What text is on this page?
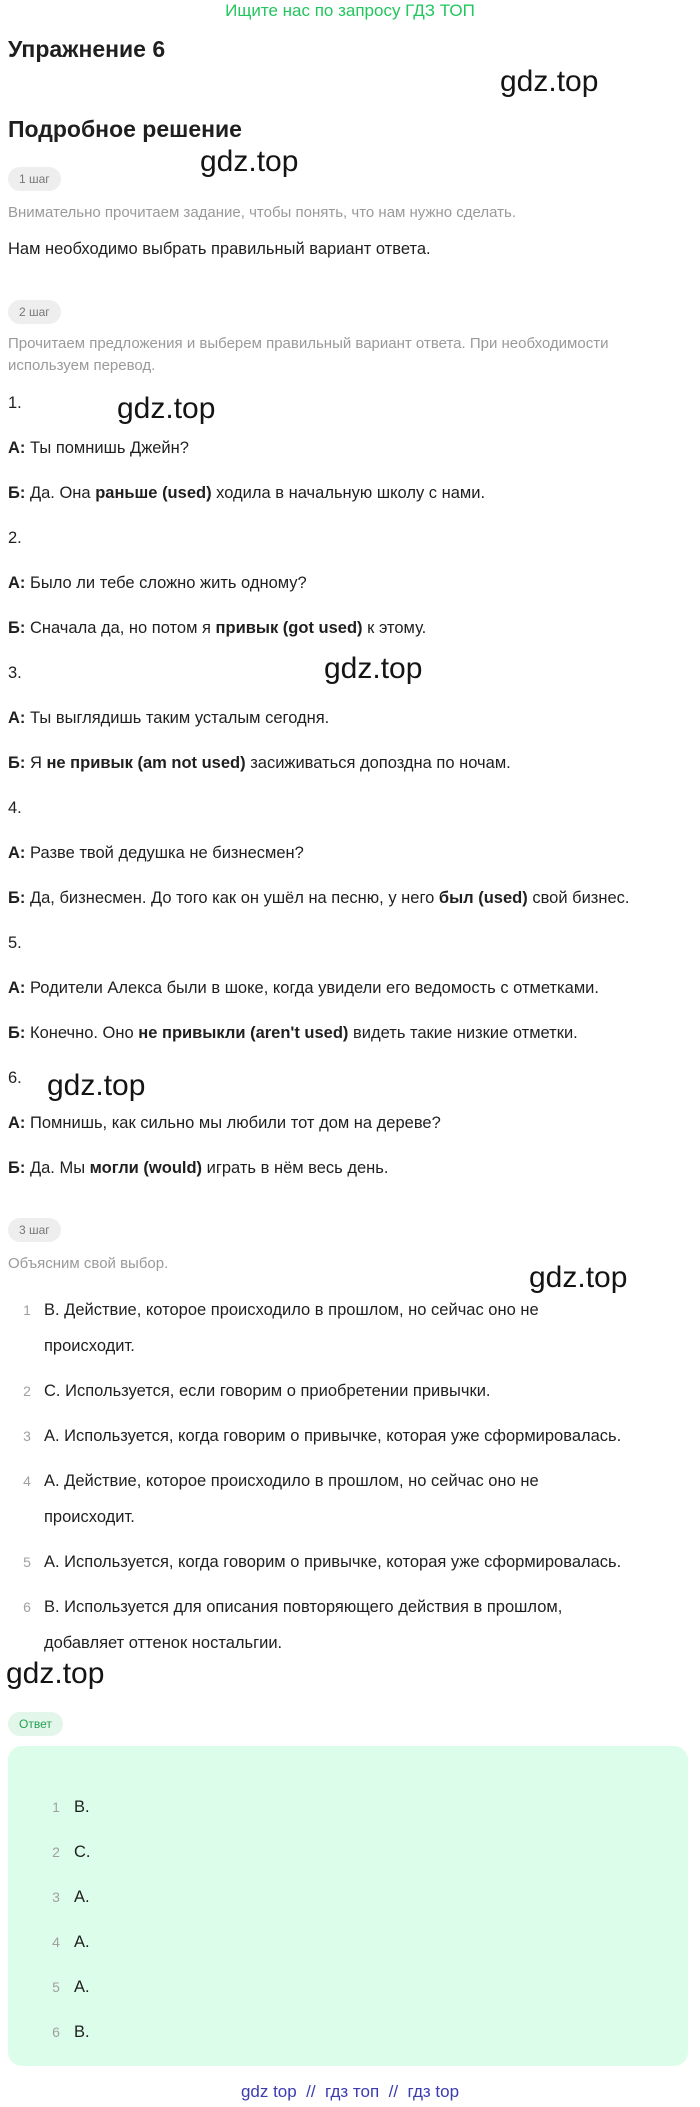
Ищите нас по запросу ГДЗ ТОП
Упражнение 6
Подробное решение
gdz.top
gdz.top
gdz.top
gdz.top
gdz.top
gdz.top
gdz.top
1 шаг

Внимательно прочитаем задание, чтобы понять, что нам нужно сделать.

Нам необходимо выбрать правильный вариант ответа.

2 шаг

Прочитаем предложения и выберем правильный вариант ответа. При необходимости используем перевод.

1.

А: Ты помнишь Джейн?

Б: Да. Она раньше (used) ходила в начальную школу с нами.

2.

А: Было ли тебе сложно жить одному?

Б: Сначала да, но потом я привык (got used) к этому.

3.

А: Ты выглядишь таким усталым сегодня.

Б: Я не привык (am not used) засиживаться допоздна по ночам.

4.

А: Разве твой дедушка не бизнесмен?

Б: Да, бизнесмен. До того как он ушёл на песню, у него был (used) свой бизнес.

5.

А: Родители Алекса были в шоке, когда увидели его ведомость с отметками.

Б: Конечно. Оно не привыкли (aren't used) видеть такие низкие отметки.

6.

А: Помнишь, как сильно мы любили тот дом на дереве?

Б: Да. Мы могли (would) играть в нём весь день.

3 шаг

Объясним свой выбор.

1 B. Действие, которое происходило в прошлом, но сейчас оно не
происходит.
2 C. Используется, если говорим о приобретении привычки.
3 A. Используется, когда говорим о привычке, которая уже сформировалась.
4 A. Действие, которое происходило в прошлом, но сейчас оно не
происходит.
5 A. Используется, когда говорим о привычке, которая уже сформировалась.
6 B. Используется для описания повторяющего действия в прошлом,
добавляет оттенок ностальгии.
Ответ
1 B.
2 C.
3 A.
4 A.
5 A.
6 B.
gdz top  //  гдз топ  //  гдз top
